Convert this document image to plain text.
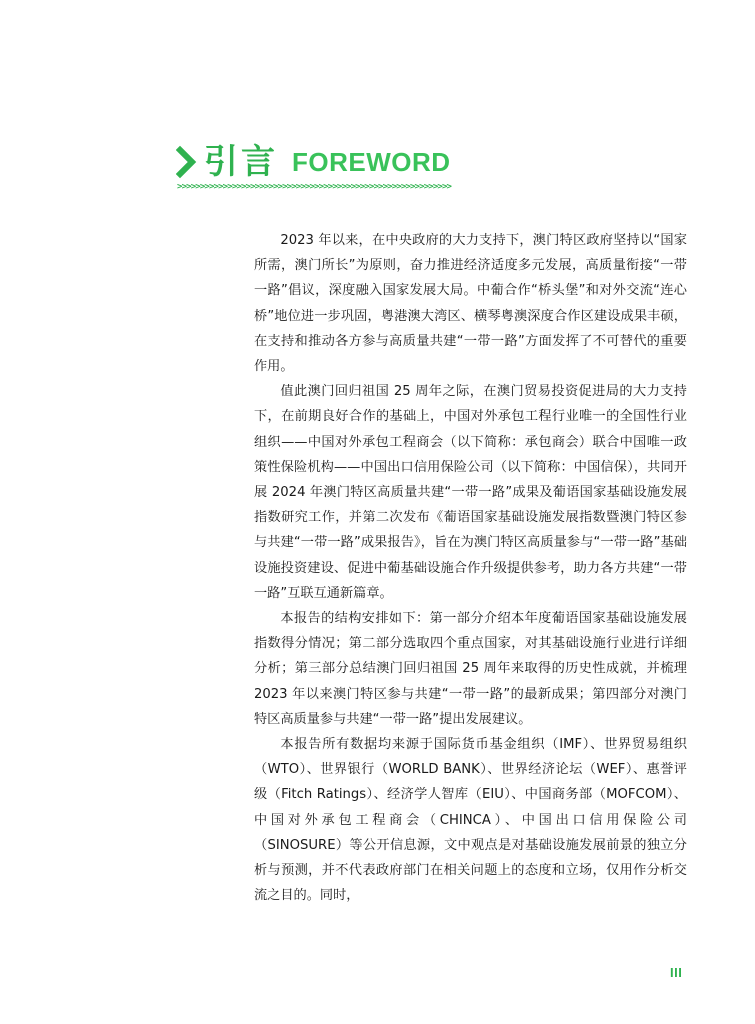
引言 FOREWORD
>>>>>>>>>>>>>>>>>>>>>>>>>>>>>>>>>>>>>>>>>>>>>>>>>>>>>>>>>>>>

2023 年以来，在中央政府的大力支持下，澳门特区政府坚持以“国家所需，澳门所长”为原则，奋力推进经济适度多元发展，高质量衔接“一带一路”倡议，深度融入国家发展大局。中葡合作“桥头堡”和对外交流“连心桥”地位进一步巩固，粤港澳大湾区、横琴粤澳深度合作区建设成果丰硕，在支持和推动各方参与高质量共建“一带一路”方面发挥了不可替代的重要作用。

值此澳门回归祖国 25 周年之际，在澳门贸易投资促进局的大力支持下，在前期良好合作的基础上，中国对外承包工程行业唯一的全国性行业组织——中国对外承包工程商会（以下简称：承包商会）联合中国唯一政策性保险机构——中国出口信用保险公司（以下简称：中国信保），共同开展 2024 年澳门特区高质量共建“一带一路”成果及葡语国家基础设施发展指数研究工作，并第二次发布《葡语国家基础设施发展指数暨澳门特区参与共建“一带一路”成果报告》，旨在为澳门特区高质量参与“一带一路”基础设施投资建设、促进中葡基础设施合作升级提供参考，助力各方共建“一带一路”互联互通新篇章。

本报告的结构安排如下：第一部分介绍本年度葡语国家基础设施发展指数得分情况；第二部分选取四个重点国家，对其基础设施行业进行详细分析；第三部分总结澳门回归祖国 25 周年来取得的历史性成就，并梳理 2023 年以来澳门特区参与共建“一带一路”的最新成果；第四部分对澳门特区高质量参与共建“一带一路”提出发展建议。

本报告所有数据均来源于国际货币基金组织（IMF）、世界贸易组织（WTO）、世界银行（WORLD BANK）、世界经济论坛（WEF）、惠誉评级（Fitch Ratings）、经济学人智库（EIU）、中国商务部（MOFCOM）、中国对外承包工程商会（CHINCA）、中国出口信用保险公司（SINOSURE）等公开信息源，文中观点是对基础设施发展前景的独立分析与预测，并不代表政府部门在相关问题上的态度和立场，仅用作分析交流之目的。同时，

III
